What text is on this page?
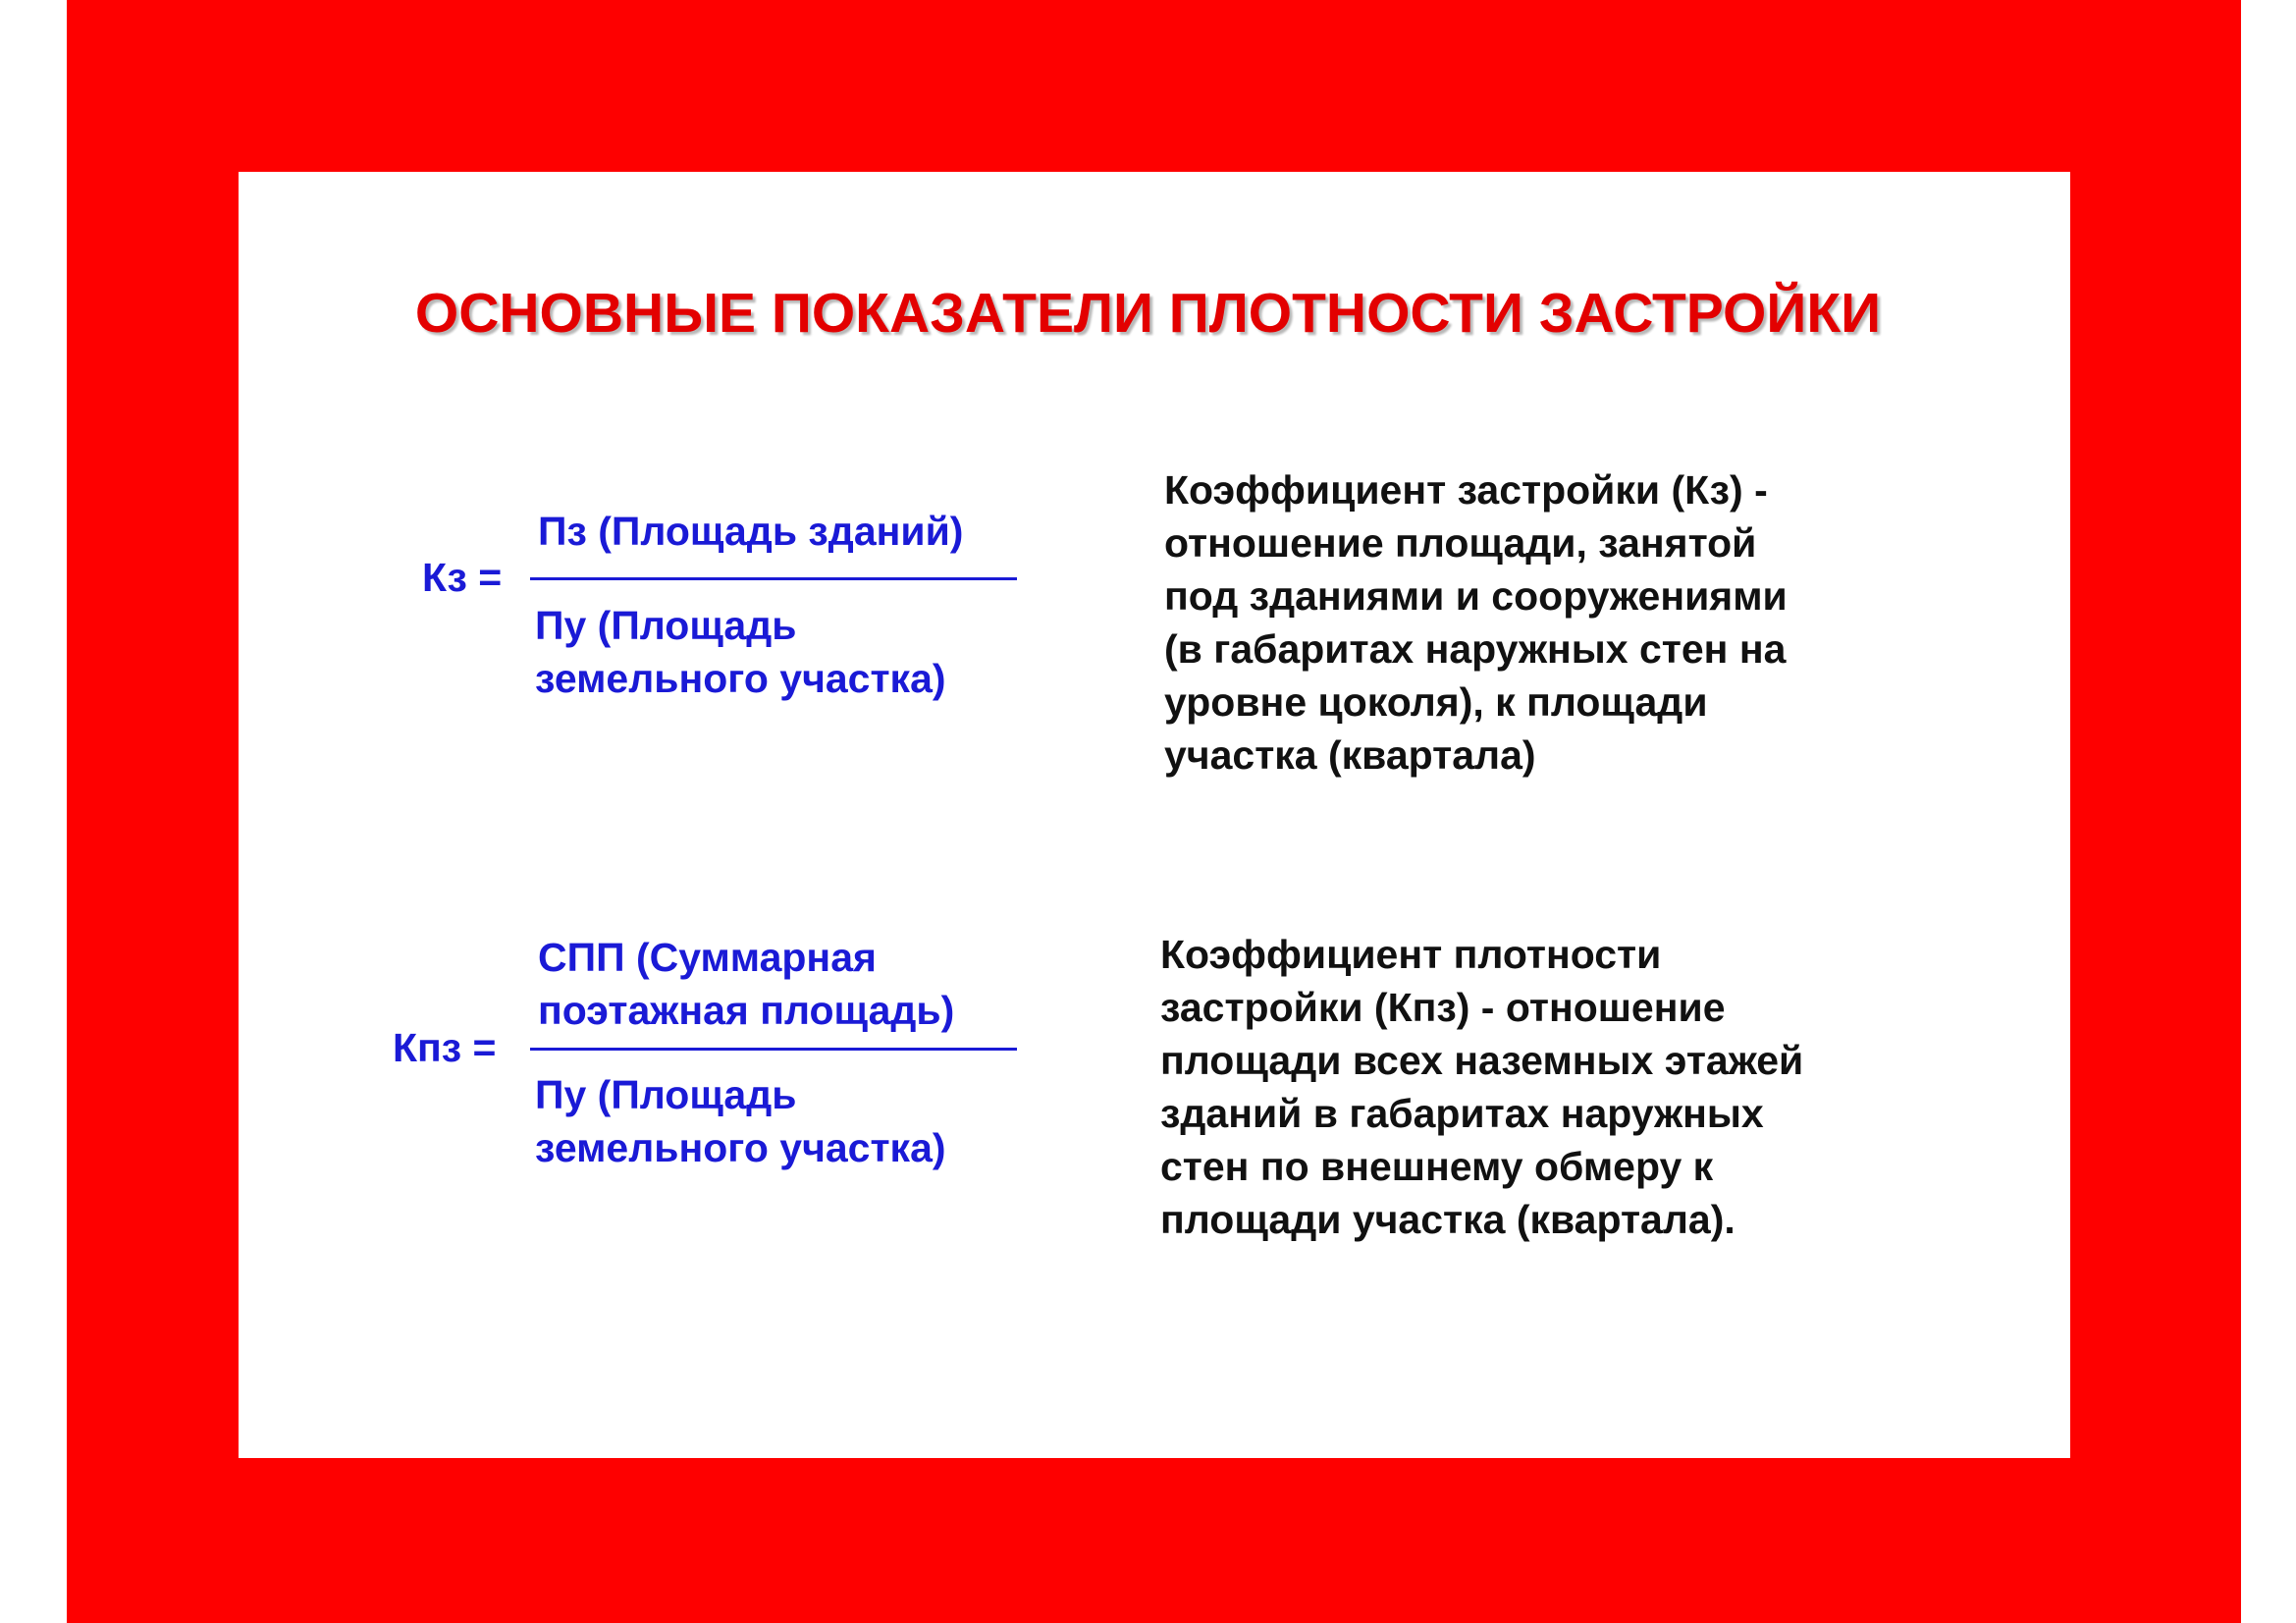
ОСНОВНЫЕ ПОКАЗАТЕЛИ ПЛОТНОСТИ ЗАСТРОЙКИ
Кз =
Пз (Площадь зданий)
Пу (Площадь
земельного участка)
Коэффициент застройки (Кз) -
отношение площади, занятой
под зданиями и сооружениями
(в габаритах наружных стен на
уровне цоколя), к площади
участка (квартала)
Кпз =
СПП (Суммарная
поэтажная площадь)
Пу (Площадь
земельного участка)
Коэффициент плотности
застройки (Кпз) - отношение
площади всех наземных этажей
зданий в габаритах наружных
стен по внешнему обмеру к
площади участка (квартала).
